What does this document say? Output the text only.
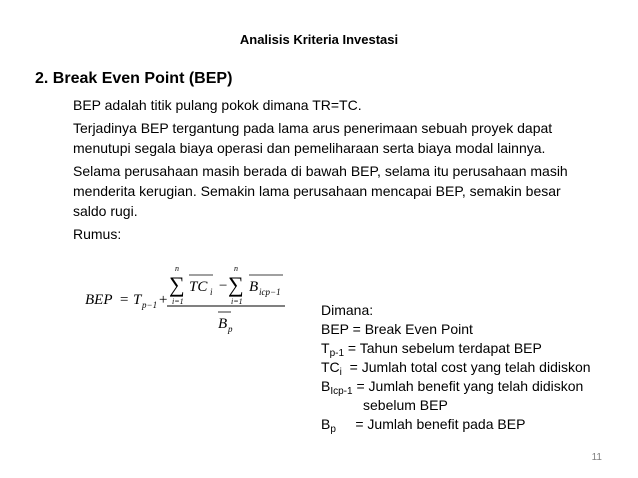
Analisis Kriteria Investasi
2. Break Even Point (BEP)

BEP adalah titik pulang pokok dimana TR=TC.

Terjadinya BEP tergantung pada lama arus penerimaan sebuah proyek dapat menutupi segala biaya operasi dan pemeliharaan serta biaya modal lainnya.

Selama perusahaan masih berada di bawah BEP, selama itu perusahaan masih menderita kerugian. Semakin lama perusahaan mencapai BEP, semakin besar saldo rugi.

Rumus:

BEP = T p−1 +
n
∑
i=1
TC i −
n
∑
i=1
B icp−1
B p
Dimana:
BEP = Break Even Point
$T_{p-1}$ = Tahun sebelum terdapat BEP
$TC_i$  = Jumlah total cost yang telah didiskon
$B_{Icp-1}$ = Jumlah benefit yang telah didiskon
sebelum BEP
$B_p$     = Jumlah benefit pada BEP
11
